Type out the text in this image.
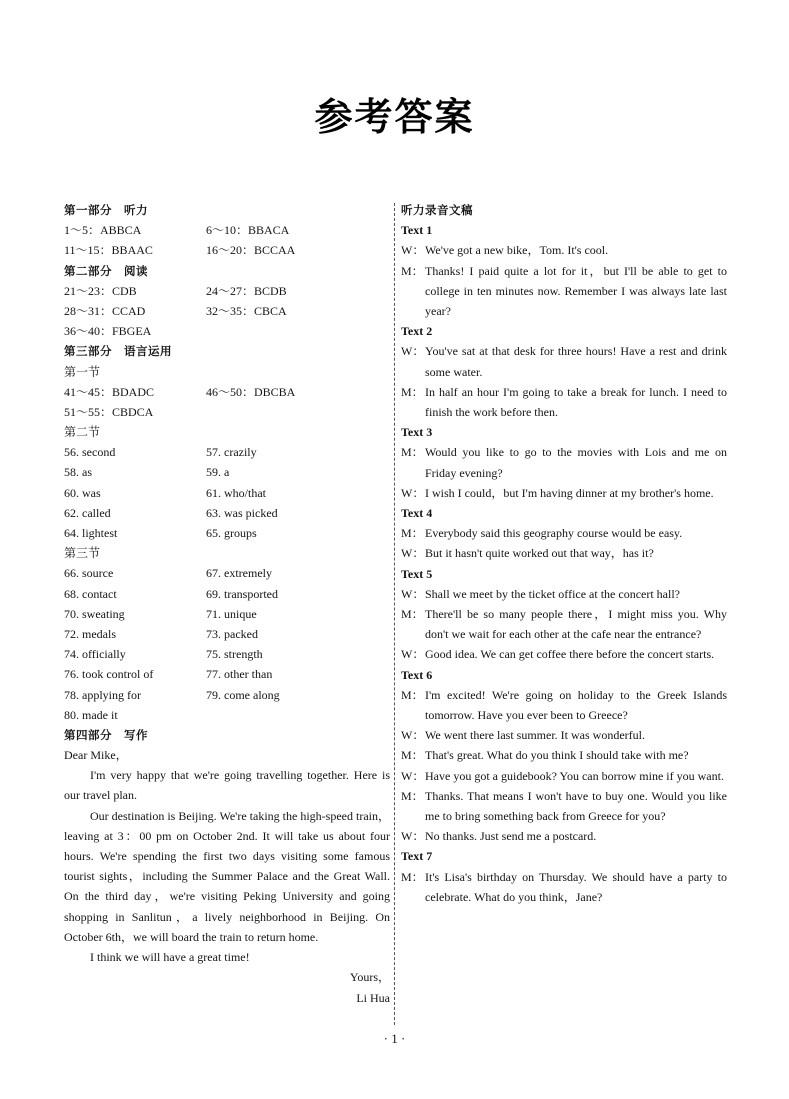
参考答案
第一部分　听力
1～5：ABBCA	6～10：BBACA
11～15：BBAAC	16～20：BCCAA
第二部分　阅读
21～23：CDB	24～27：BCDB
28～31：CCAD	32～35：CBCA
36～40：FBGEA
第三部分　语言运用
第一节
41～45：BDADC	46～50：DBCBA
51～55：CBDCA
第二节
56. second	57. crazily
58. as	59. a
60. was	61. who/that
62. called	63. was picked
64. lightest	65. groups
第三节
66. source	67. extremely
68. contact	69. transported
70. sweating	71. unique
72. medals	73. packed
74. officially	75. strength
76. took control of	77. other than
78. applying for	79. come along
80. made it
第四部分　写作
Dear Mike，
I'm very happy that we're going travelling together. Here is our travel plan.
Our destination is Beijing. We're taking the high-speed train，leaving at 3：00 pm on October 2nd. It will take us about four hours. We're spending the first two days visiting some famous tourist sights，including the Summer Palace and the Great Wall. On the third day，we're visiting Peking University and going shopping in Sanlitun，a lively neighborhood in Beijing. On October 6th，we will board the train to return home.
I think we will have a great time!
Yours，
Li Hua
听力录音文稿
Text 1
W： We've got a new bike，Tom. It's cool.
M： Thanks! I paid quite a lot for it，but I'll be able to get to college in ten minutes now. Remember I was always late last year?
Text 2
W： You've sat at that desk for three hours! Have a rest and drink some water.
M： In half an hour I'm going to take a break for lunch. I need to finish the work before then.
Text 3
M： Would you like to go to the movies with Lois and me on Friday evening?
W： I wish I could，but I'm having dinner at my brother's home.
Text 4
M： Everybody said this geography course would be easy.
W： But it hasn't quite worked out that way，has it?
Text 5
W： Shall we meet by the ticket office at the concert hall?
M： There'll be so many people there，I might miss you. Why don't we wait for each other at the cafe near the entrance?
W： Good idea. We can get coffee there before the concert starts.
Text 6
M： I'm excited! We're going on holiday to the Greek Islands tomorrow. Have you ever been to Greece?
W： We went there last summer. It was wonderful.
M： That's great. What do you think I should take with me?
W： Have you got a guidebook? You can borrow mine if you want.
M： Thanks. That means I won't have to buy one. Would you like me to bring something back from Greece for you?
W： No thanks. Just send me a postcard.
Text 7
M： It's Lisa's birthday on Thursday. We should have a party to celebrate. What do you think，Jane?
· 1 ·
